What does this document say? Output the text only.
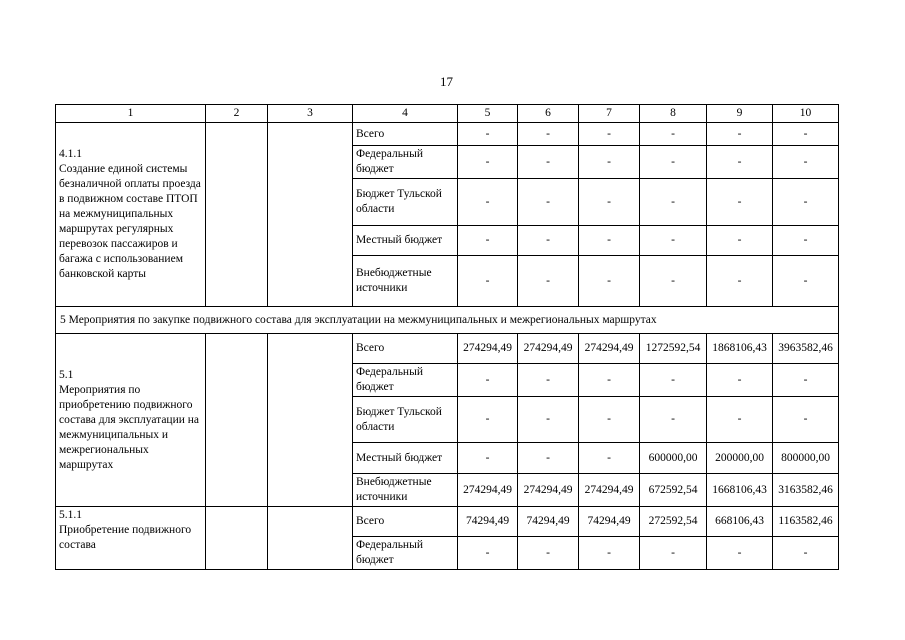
17
1	2	3	4	5	6	7	8	9	10
4.1.1
Создание единой системы безналичной оплаты проезда в подвижном составе ПТОП на межмуниципальных маршрутах регулярных перевозок пассажиров и багажа с использованием банковской карты			Всего	-	-	-	-	-	-
			Федеральный бюджет	-	-	-	-	-	-
			Бюджет Тульской области	-	-	-	-	-	-
			Местный бюджет	-	-	-	-	-	-
			Внебюджетные источники	-	-	-	-	-	-
5 Мероприятия по закупке подвижного состава для эксплуатации на межмуниципальных и межрегиональных маршрутах									
5.1
Мероприятия по приобретению подвижного состава для эксплуатации на межмуниципальных и межрегиональных маршрутах			Всего	274294,49	274294,49	274294,49	1272592,54	1868106,43	3963582,46
			Федеральный бюджет	-	-	-	-	-	-
			Бюджет Тульской области	-	-	-	-	-	-
			Местный бюджет	-	-	-	600000,00	200000,00	800000,00
			Внебюджетные источники	274294,49	274294,49	274294,49	672592,54	1668106,43	3163582,46
5.1.1
Приобретение подвижного состава			Всего	74294,49	74294,49	74294,49	272592,54	668106,43	1163582,46
			Федеральный бюджет	-	-	-	-	-	-
